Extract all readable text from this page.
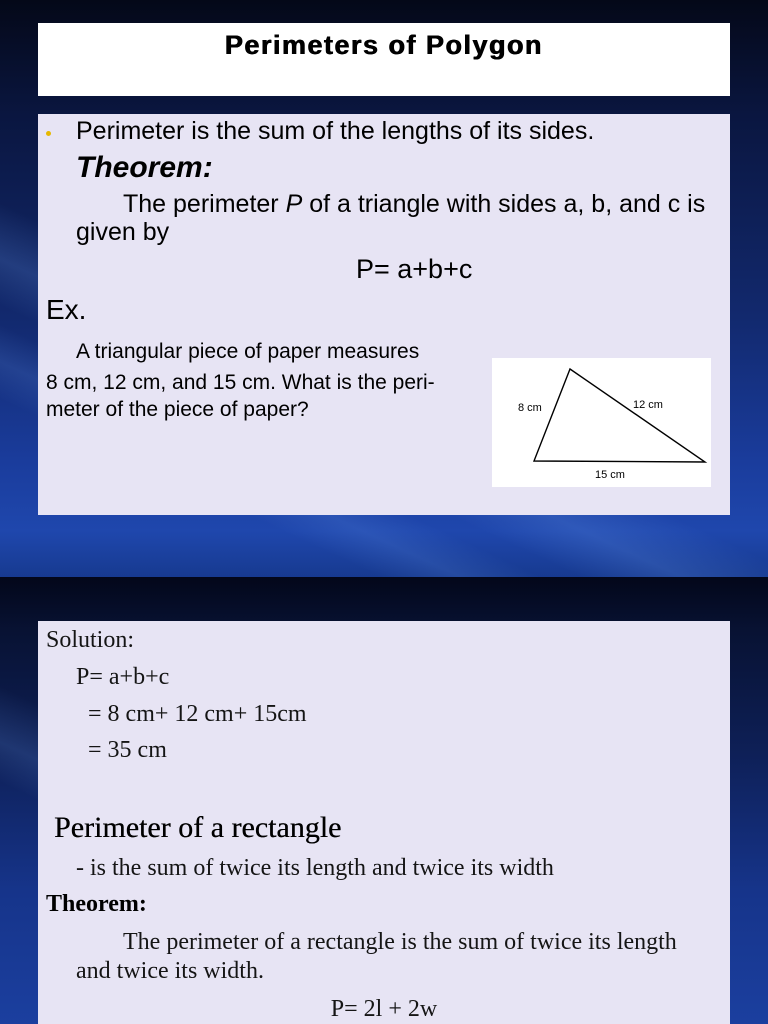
Perimeters of Polygon

Perimeter is the sum of the lengths of its sides.

Theorem:

The perimeter P of a triangle with sides a, b, and c is

given by

P= a+b+c

Ex.

A triangular piece of paper measures

8 cm, 12 cm, and 15 cm. What is the peri-

meter of the piece of paper?	8 cm	12 cm
15 cm

Solution:

P= a+b+c

= 8 cm+ 12 cm+ 15cm

= 35 cm

Perimeter of a rectangle

- is the sum of twice its length and twice its width

Theorem:

The perimeter of a rectangle is the sum of twice its length

and twice its width.

P= 2l + 2w
